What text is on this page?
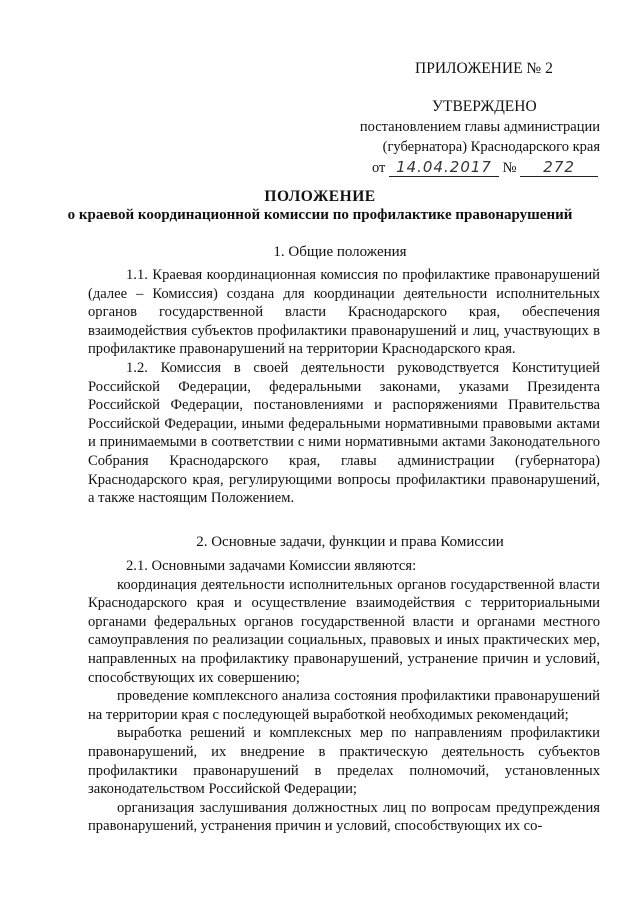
ПРИЛОЖЕНИЕ № 2
УТВЕРЖДЕНО
постановлением главы администрации
(губернатора) Краснодарского края
от 14.04.2017 № 272
ПОЛОЖЕНИЕ
о краевой координационной комиссии по профилактике правонарушений
1. Общие положения

1.1. Краевая координационная комиссия по профилактике правонарушений (далее – Комиссия) создана для координации деятельности исполнительных органов государственной власти Краснодарского края, обеспечения взаимодействия субъектов профилактики правонарушений и лиц, участвующих в профилактике правонарушений на территории Краснодарского края.

1.2. Комиссия в своей деятельности руководствуется Конституцией Российской Федерации, федеральными законами, указами Президента Российской Федерации, постановлениями и распоряжениями Правительства Российской Федерации, иными федеральными нормативными правовыми актами и принимаемыми в соответствии с ними нормативными актами Законодательного Собрания Краснодарского края, главы администрации (губернатора) Краснодарского края, регулирующими вопросы профилактики правонарушений, а также настоящим Положением.

2. Основные задачи, функции и права Комиссии

2.1. Основными задачами Комиссии являются:

координация деятельности исполнительных органов государственной власти Краснодарского края и осуществление взаимодействия с территориальными органами федеральных органов государственной власти и органами местного самоуправления по реализации социальных, правовых и иных практических мер, направленных на профилактику правонарушений, устранение причин и условий, способствующих их совершению;

проведение комплексного анализа состояния профилактики правонарушений на территории края с последующей выработкой необходимых рекомендаций;

выработка решений и комплексных мер по направлениям профилактики правонарушений, их внедрение в практическую деятельность субъектов профилактики правонарушений в пределах полномочий, установленных законодательством Российской Федерации;

организация заслушивания должностных лиц по вопросам предупреждения правонарушений, устранения причин и условий, способствующих их со-
